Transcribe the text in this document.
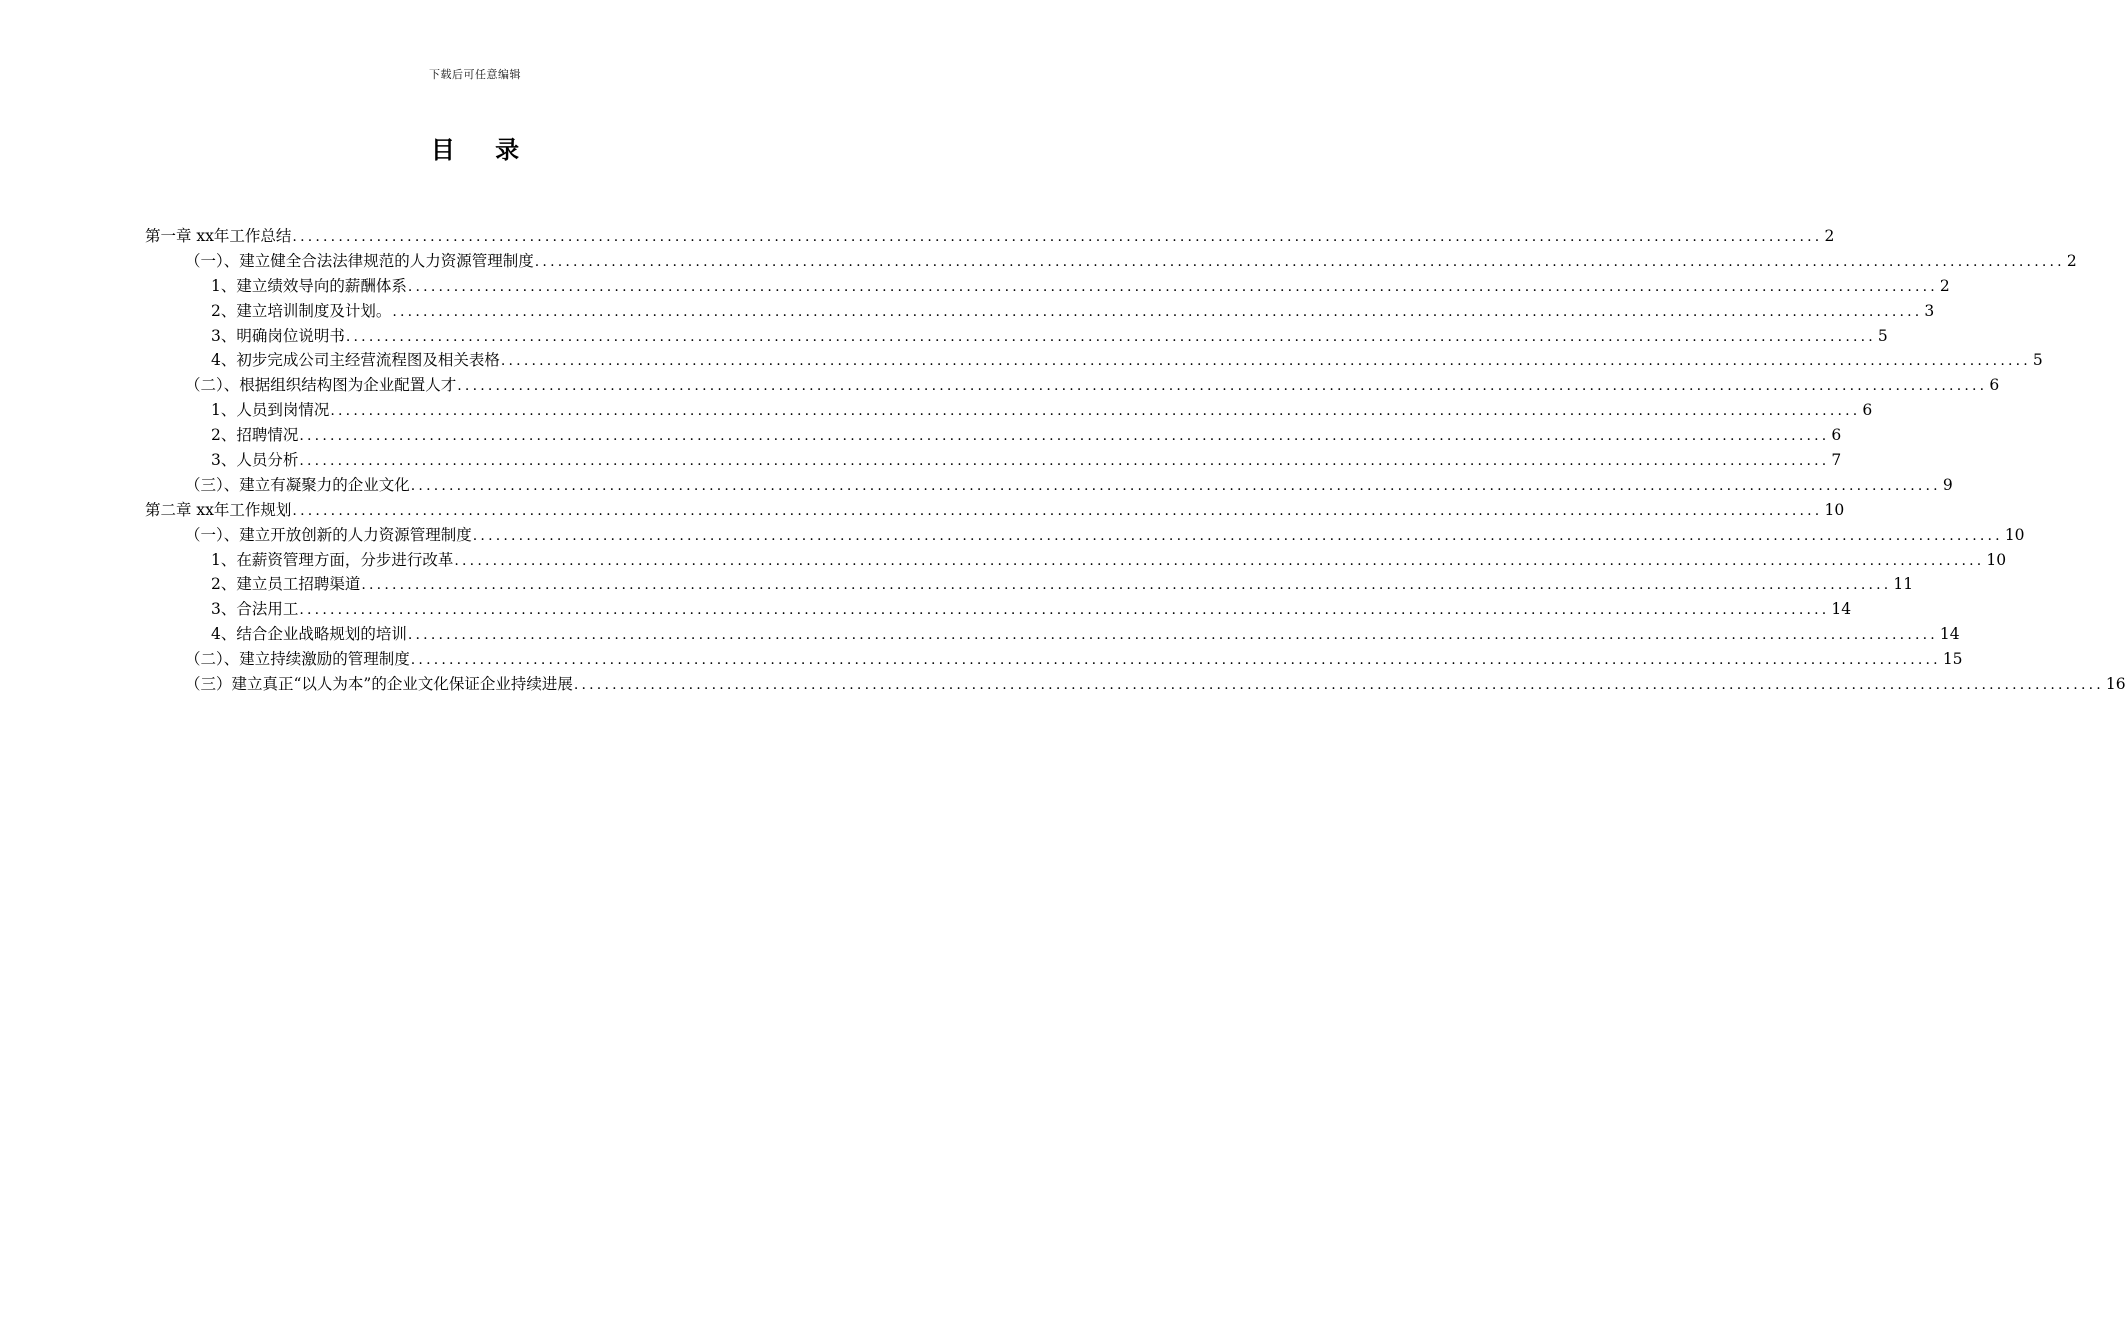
下载后可任意编辑
目 录
第一章 xx年工作总结 ........................................................................................................................................................................................................ 2
（一）、建立健全合法法律规范的人力资源管理制度 ........................................................................................................................................................................................................ 2
1、建立绩效导向的薪酬体系 ........................................................................................................................................................................................................ 2
2、建立培训制度及计划。 ........................................................................................................................................................................................................ 3
3、明确岗位说明书 ........................................................................................................................................................................................................ 5
4、初步完成公司主经营流程图及相关表格 ........................................................................................................................................................................................................ 5
（二）、根据组织结构图为企业配置人才 ........................................................................................................................................................................................................ 6
1、人员到岗情况 ........................................................................................................................................................................................................ 6
2、招聘情况 ........................................................................................................................................................................................................ 6
3、人员分析 ........................................................................................................................................................................................................ 7
（三）、建立有凝聚力的企业文化 ........................................................................................................................................................................................................ 9
第二章 xx年工作规划 ........................................................................................................................................................................................................ 10
（一）、建立开放创新的人力资源管理制度 ........................................................................................................................................................................................................ 10
1、在薪资管理方面，分步进行改革 ........................................................................................................................................................................................................ 10
2、建立员工招聘渠道 ........................................................................................................................................................................................................ 11
3、合法用工 ........................................................................................................................................................................................................ 14
4、结合企业战略规划的培训 ........................................................................................................................................................................................................ 14
（二）、建立持续激励的管理制度 ........................................................................................................................................................................................................ 15
（三）建立真正“以人为本”的企业文化保证企业持续进展 ........................................................................................................................................................................................................ 16
